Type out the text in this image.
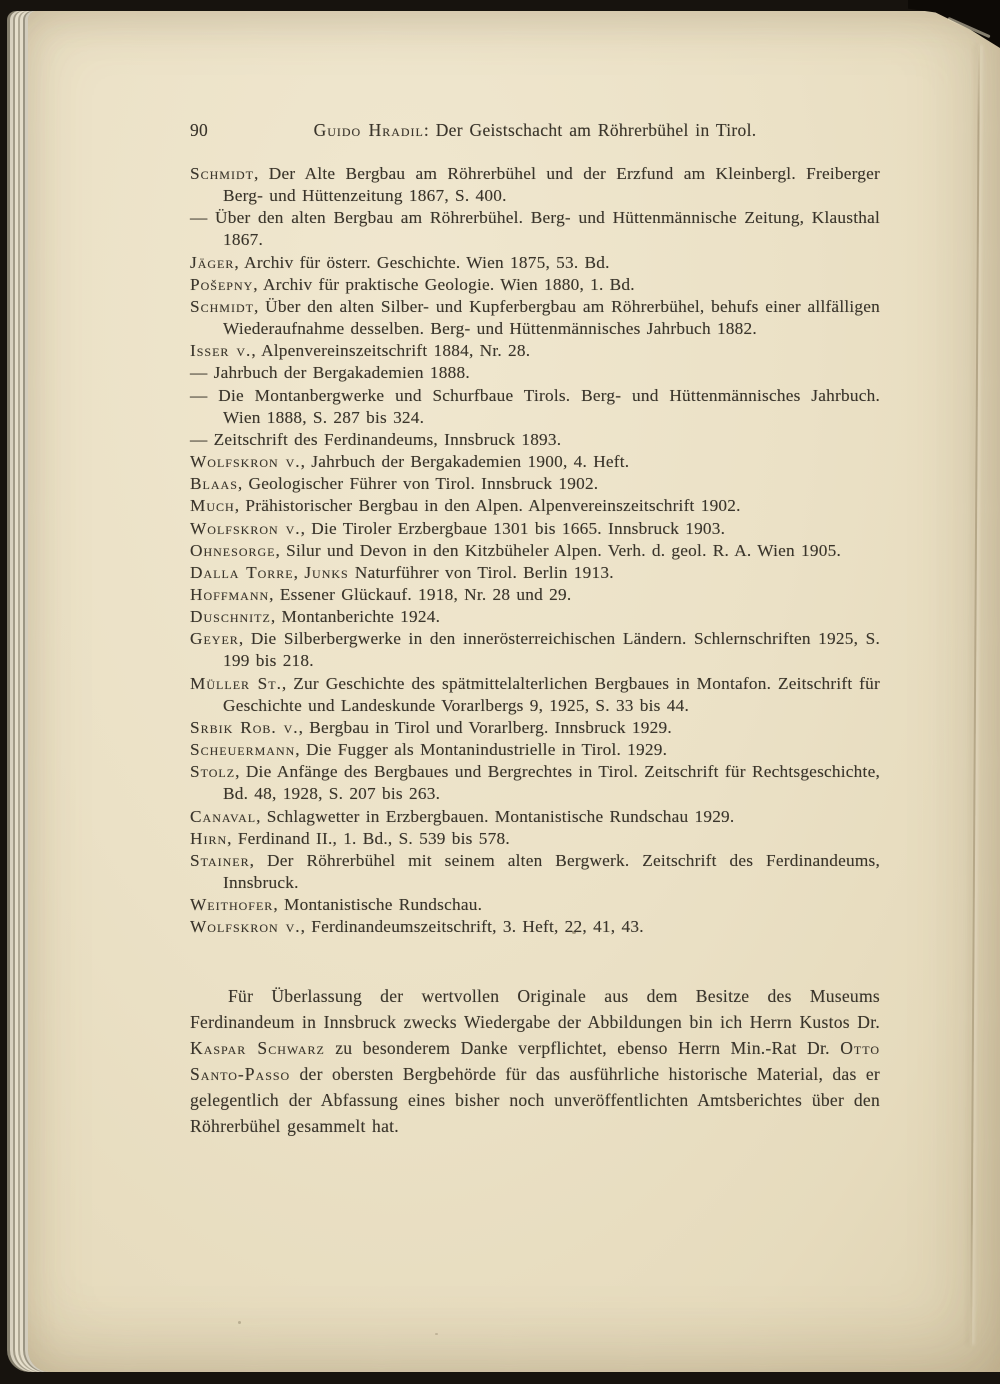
90	Guido Hradil: Der Geistschacht am Röhrerbühel in Tirol.
Schmidt, Der Alte Bergbau am Röhrerbühel und der Erzfund am Kleinbergl. Freiberger Berg- und Hüttenzeitung 1867, S. 400.
— Über den alten Bergbau am Röhrerbühel. Berg- und Hüttenmännische Zeitung, Klausthal 1867.
Jäger, Archiv für österr. Geschichte. Wien 1875, 53. Bd.
Pošepny, Archiv für praktische Geologie. Wien 1880, 1. Bd.
Schmidt, Über den alten Silber- und Kupferbergbau am Röhrerbühel, behufs einer allfälligen Wiederaufnahme desselben. Berg- und Hüttenmännisches Jahrbuch 1882.
Isser v., Alpenvereinszeitschrift 1884, Nr. 28.
— Jahrbuch der Bergakademien 1888.
— Die Montanbergwerke und Schurfbaue Tirols. Berg- und Hüttenmännisches Jahrbuch. Wien 1888, S. 287 bis 324.
— Zeitschrift des Ferdinandeums, Innsbruck 1893.
Wolfskron v., Jahrbuch der Bergakademien 1900, 4. Heft.
Blaas, Geologischer Führer von Tirol. Innsbruck 1902.
Much, Prähistorischer Bergbau in den Alpen. Alpenvereinszeitschrift 1902.
Wolfskron v., Die Tiroler Erzbergbaue 1301 bis 1665. Innsbruck 1903.
Ohnesorge, Silur und Devon in den Kitzbüheler Alpen. Verh. d. geol. R. A. Wien 1905.
Dalla Torre, Junks Naturführer von Tirol. Berlin 1913.
Hoffmann, Essener Glückauf. 1918, Nr. 28 und 29.
Duschnitz, Montanberichte 1924.
Geyer, Die Silberbergwerke in den innerösterreichischen Ländern. Schlernschriften 1925, S. 199 bis 218.
Müller St., Zur Geschichte des spätmittelalterlichen Bergbaues in Montafon. Zeitschrift für Geschichte und Landeskunde Vorarlbergs 9, 1925, S. 33 bis 44.
Srbik Rob. v., Bergbau in Tirol und Vorarlberg. Innsbruck 1929.
Scheuermann, Die Fugger als Montanindustrielle in Tirol. 1929.
Stolz, Die Anfänge des Bergbaues und Bergrechtes in Tirol. Zeitschrift für Rechtsgeschichte, Bd. 48, 1928, S. 207 bis 263.
Canaval, Schlagwetter in Erzbergbauen. Montanistische Rundschau 1929.
Hirn, Ferdinand II., 1. Bd., S. 539 bis 578.
Stainer, Der Röhrerbühel mit seinem alten Bergwerk. Zeitschrift des Ferdinandeums, Innsbruck.
Weithofer, Montanistische Rundschau.
Wolfskron v., Ferdinandeumszeitschrift, 3. Heft, 22, 41, 43.

Für Überlassung der wertvollen Originale aus dem Besitze des Museums Ferdinandeum in Innsbruck zwecks Wiedergabe der Abbildungen bin ich Herrn Kustos Dr. Kaspar Schwarz zu besonderem Danke verpflichtet, ebenso Herrn Min.-Rat Dr. Otto Santo-Passo der obersten Bergbehörde für das ausführliche historische Material, das er gelegentlich der Abfassung eines bisher noch unveröffentlichten Amtsberichtes über den Röhrerbühel gesammelt hat.
